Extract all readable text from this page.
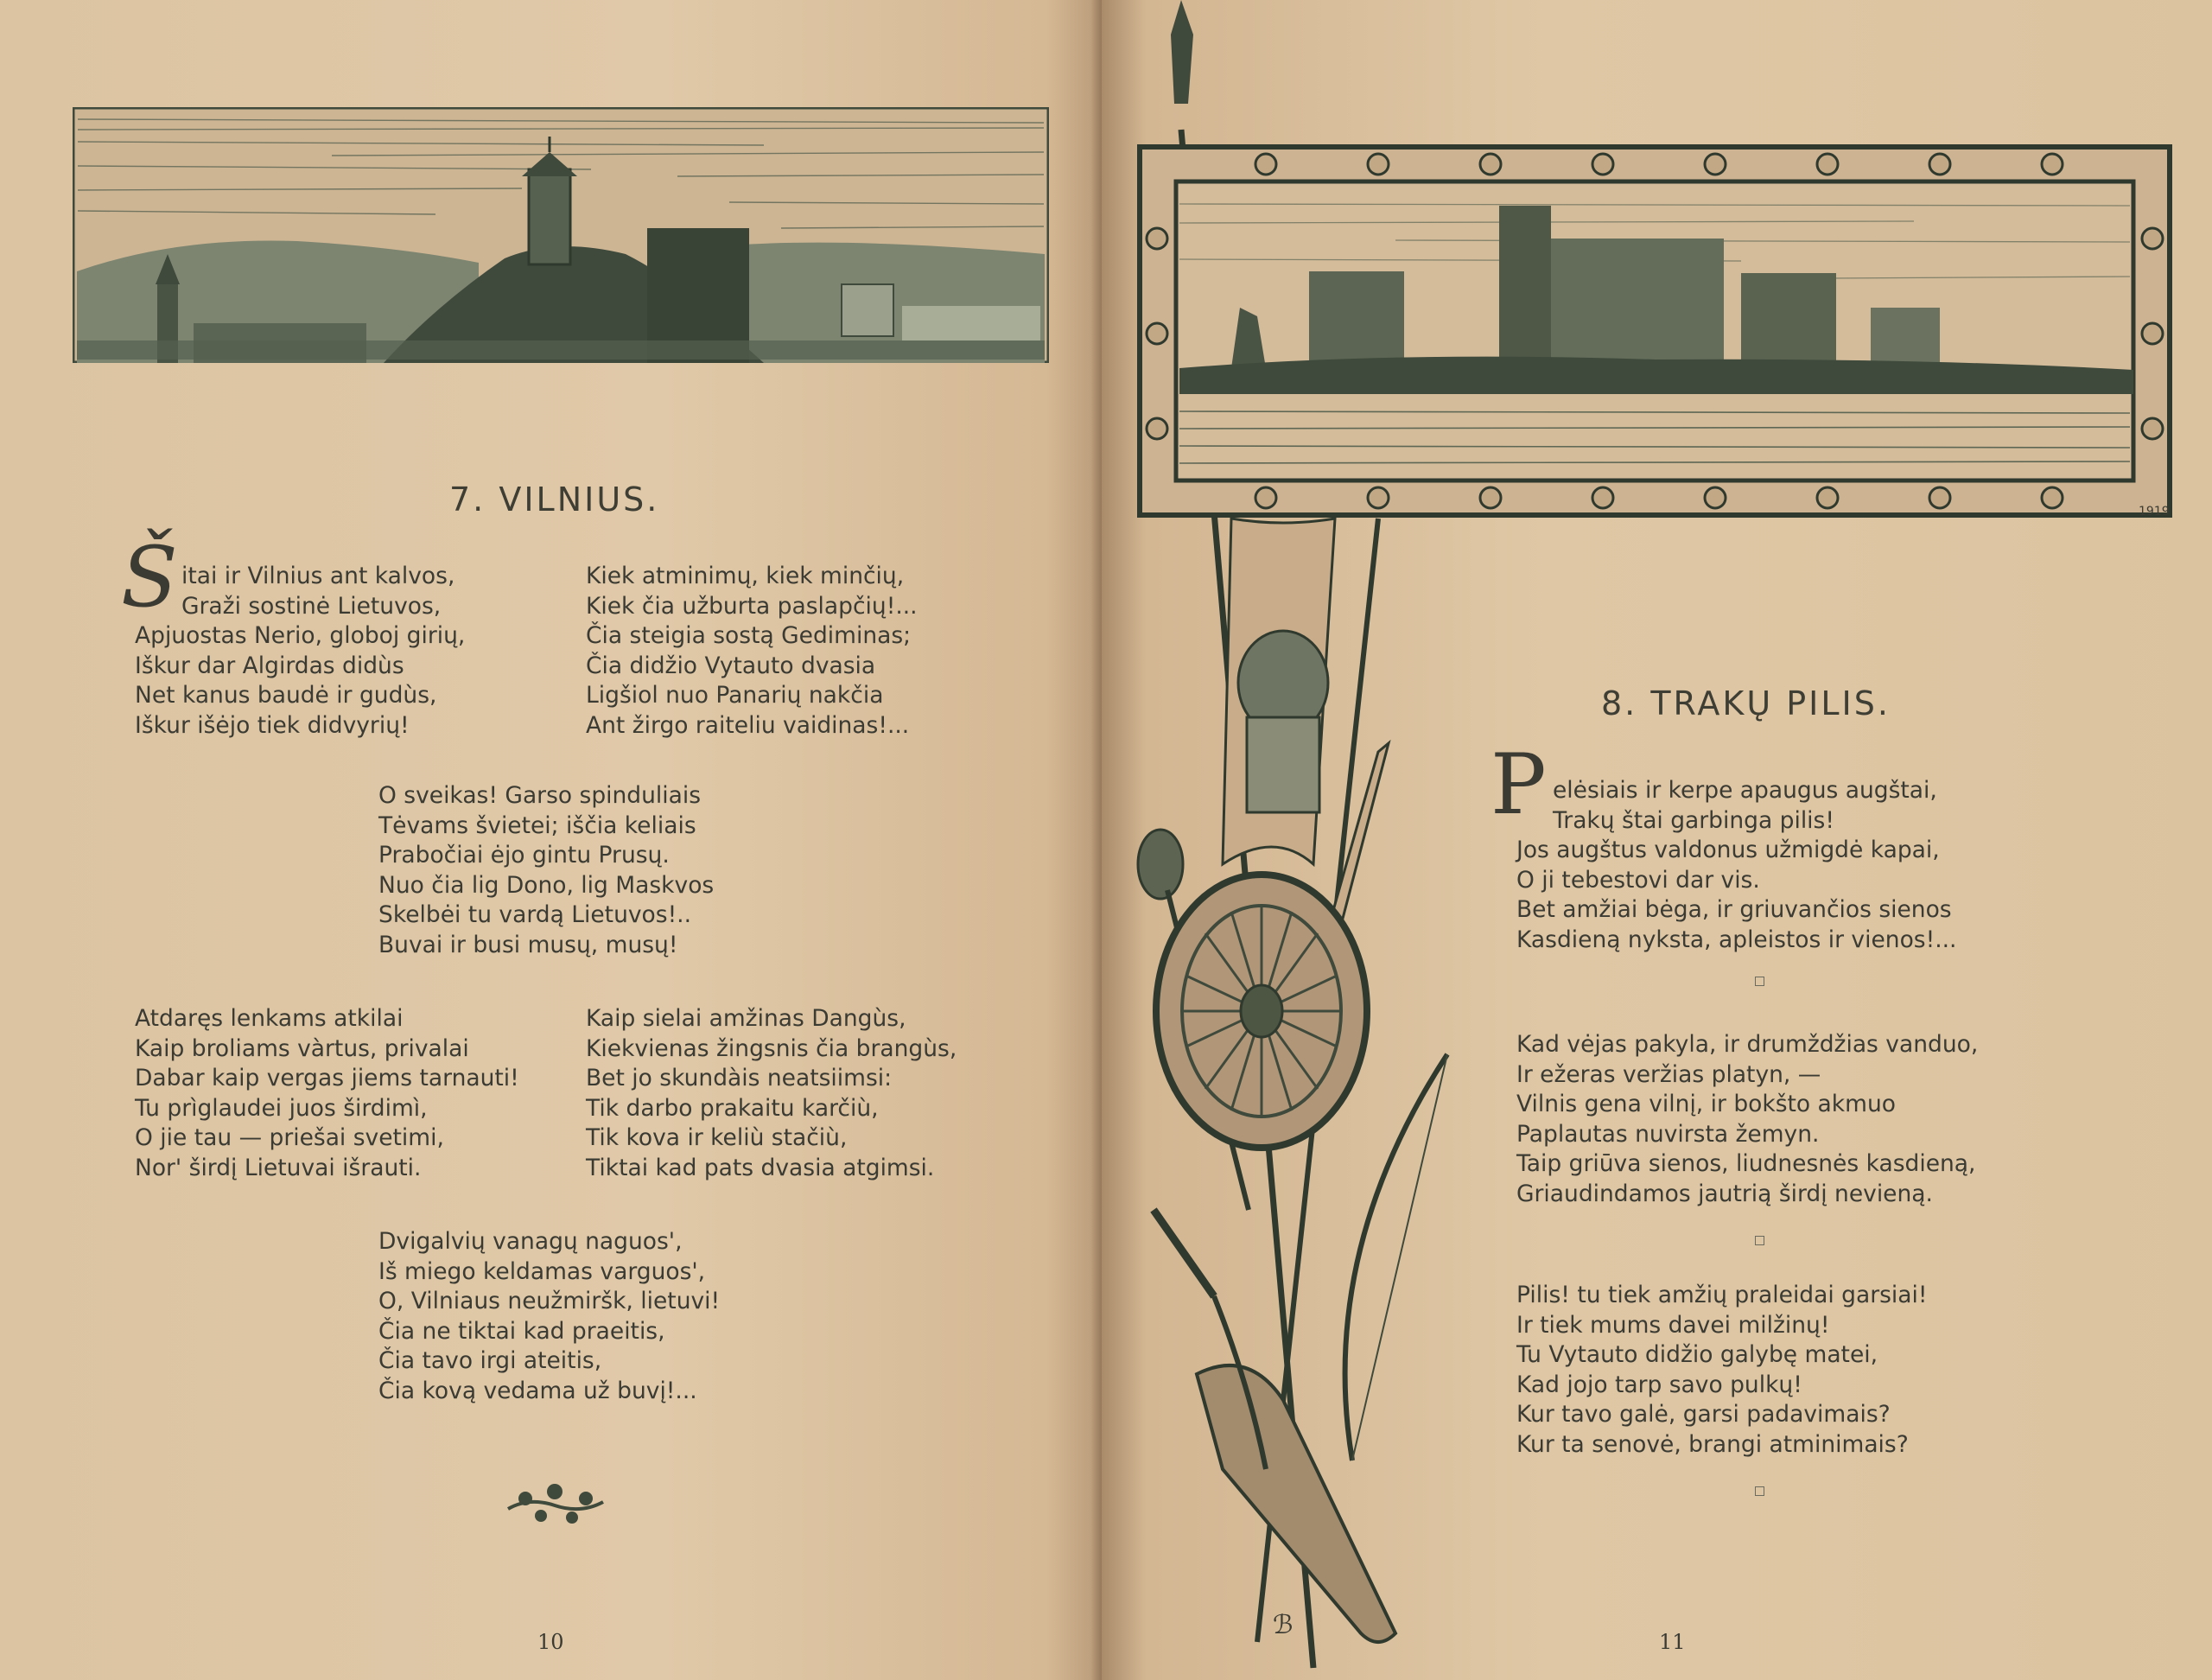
7. VILNIUS.
Š itai ir Vilnius ant kalvos,
Graži sostinė Lietuvos,
Apjuostas Nerio, globoj girių,
Iškur dar Algirdas didùs
Net kanus baudė ir gudùs,
Iškur išėjo tiek didvyrių!
Kiek atminimų, kiek minčių,
Kiek čia užburta paslapčių!...
Čia steigia sostą Gediminas;
Čia didžio Vytauto dvasia
Ligšiol nuo Panarių nakčia
Ant žirgo raiteliu vaidinas!...
O sveikas! Garso spinduliais
Tėvams švietei; iščia keliais
Prabočiai ėjo gintu Prusų.
Nuo čia lig Dono, lig Maskvos
Skelbėi tu vardą Lietuvos!..
Buvai ir busi musų, musų!
Atdaręs lenkams atkilai
Kaip broliams vàrtus, privalai
Dabar kaip vergas jiems tarnauti!
Tu prìglaudei juos širdimì,
O jie tau — priešai svetimi,
Nor' širdį Lietuvai išrauti.
Kaip sielai amžinas Dangùs,
Kiekvienas žingsnis čia brangùs,
Bet jo skundàis neatsiimsi:
Tik darbo prakaitu karčiù,
Tik kova ir keliù stačiù,
Tiktai kad pats dvasia atgimsi.
Dvigalvių vanagų naguos',
Iš miego keldamas varguos',
O, Vilniaus neužmiršk, lietuvi!
Čia ne tiktai kad praeitis,
Čia tavo irgi ateitis,
Čia kovą vedama už buvį!...
10
ℬ
1919
8. TRAKŲ PILIS.
P elėsiais ir kerpe apaugus augštai,
Trakų štai garbinga pilis!
Jos augštus valdonus užmigdė kapai,
O ji tebestovi dar vis.
Bet amžiai bėga, ir griuvančios sienos
Kasdieną nyksta, apleistos ir vienos!...
Kad vėjas pakyla, ir drumždžias vanduo,
Ir ežeras veržias platyn, —
Vilnis gena vilnį, ir bokšto akmuo
Paplautas nuvirsta žemyn.
Taip griūva sienos, liudnesnės kasdieną,
Griaudindamos jautrią širdį nevieną.
Pilis! tu tiek amžių praleidai garsiai!
Ir tiek mums davei milžinų!
Tu Vytauto didžio galybę matei,
Kad jojo tarp savo pulkų!
Kur tavo galė, garsi padavimais?
Kur ta senovė, brangi atminimais?
11
